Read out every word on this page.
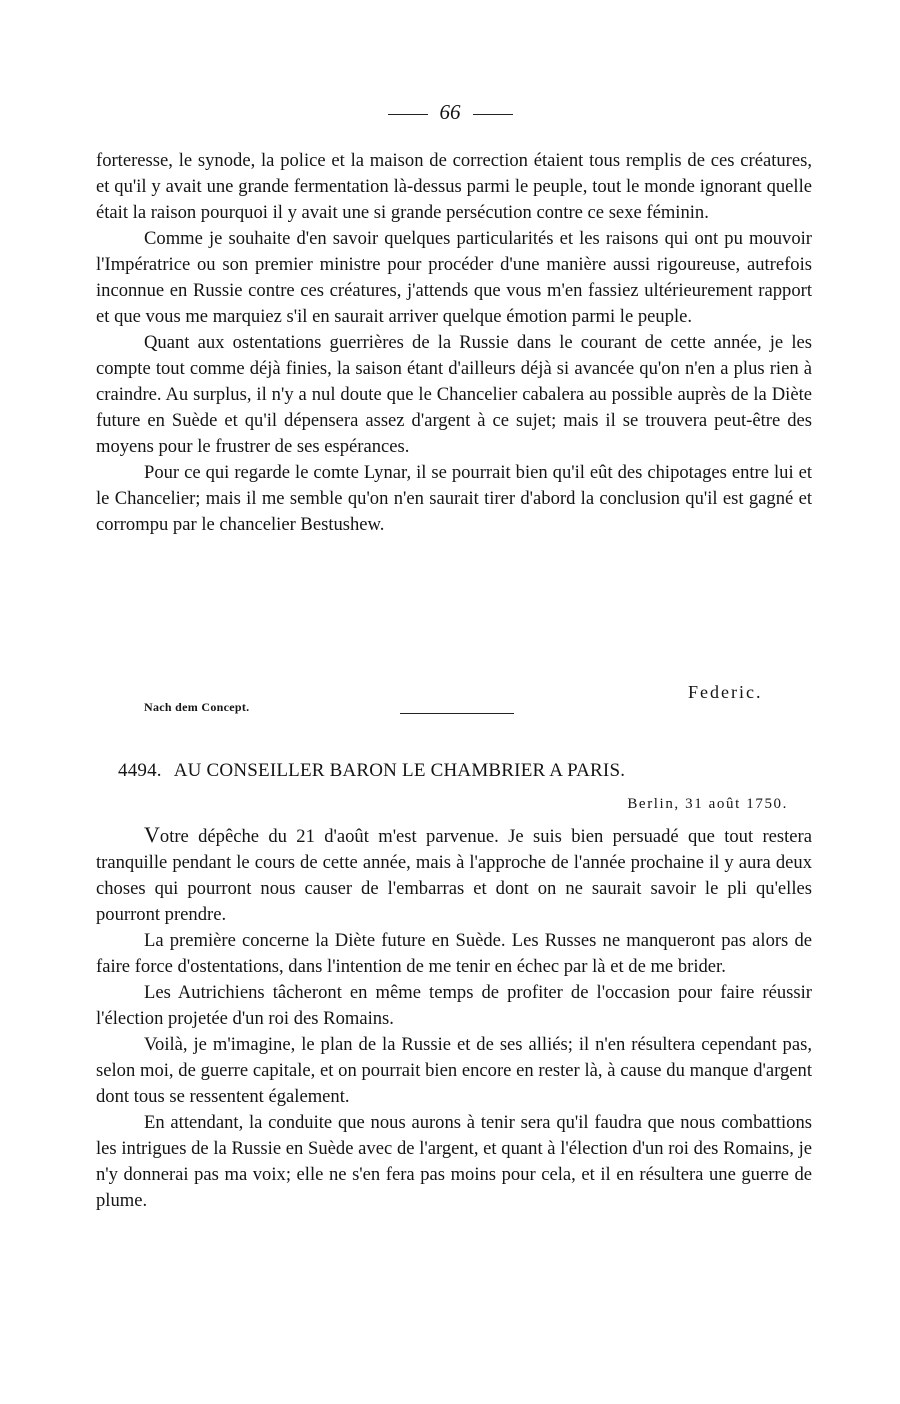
66

forteresse, le synode, la police et la maison de correction étaient tous remplis de ces créatures, et qu'il y avait une grande fermentation là-dessus parmi le peuple, tout le monde ignorant quelle était la raison pourquoi il y avait une si grande persécution contre ce sexe féminin.

Comme je souhaite d'en savoir quelques particularités et les raisons qui ont pu mouvoir l'Impératrice ou son premier ministre pour procéder d'une manière aussi rigoureuse, autrefois inconnue en Russie contre ces créatures, j'attends que vous m'en fassiez ultérieurement rapport et que vous me marquiez s'il en saurait arriver quelque émotion parmi le peuple.

Quant aux ostentations guerrières de la Russie dans le courant de cette année, je les compte tout comme déjà finies, la saison étant d'ailleurs déjà si avancée qu'on n'en a plus rien à craindre. Au surplus, il n'y a nul doute que le Chancelier cabalera au possible auprès de la Diète future en Suède et qu'il dépensera assez d'argent à ce sujet; mais il se trouvera peut-être des moyens pour le frustrer de ses espérances.

Pour ce qui regarde le comte Lynar, il se pourrait bien qu'il eût des chipotages entre lui et le Chancelier; mais il me semble qu'on n'en saurait tirer d'abord la conclusion qu'il est gagné et corrompu par le chancelier Bestushew.

Federic.
Nach dem Concept.
4494. AU CONSEILLER BARON LE CHAMBRIER A PARIS.
Berlin, 31 août 1750.

Votre dépêche du 21 d'août m'est parvenue. Je suis bien persuadé que tout restera tranquille pendant le cours de cette année, mais à l'approche de l'année prochaine il y aura deux choses qui pourront nous causer de l'embarras et dont on ne saurait savoir le pli qu'elles pourront prendre.

La première concerne la Diète future en Suède. Les Russes ne manqueront pas alors de faire force d'ostentations, dans l'intention de me tenir en échec par là et de me brider.

Les Autrichiens tâcheront en même temps de profiter de l'occasion pour faire réussir l'élection projetée d'un roi des Romains.

Voilà, je m'imagine, le plan de la Russie et de ses alliés; il n'en résultera cependant pas, selon moi, de guerre capitale, et on pourrait bien encore en rester là, à cause du manque d'argent dont tous se ressentent également.

En attendant, la conduite que nous aurons à tenir sera qu'il faudra que nous combattions les intrigues de la Russie en Suède avec de l'argent, et quant à l'élection d'un roi des Romains, je n'y donnerai pas ma voix; elle ne s'en fera pas moins pour cela, et il en résultera une guerre de plume.
